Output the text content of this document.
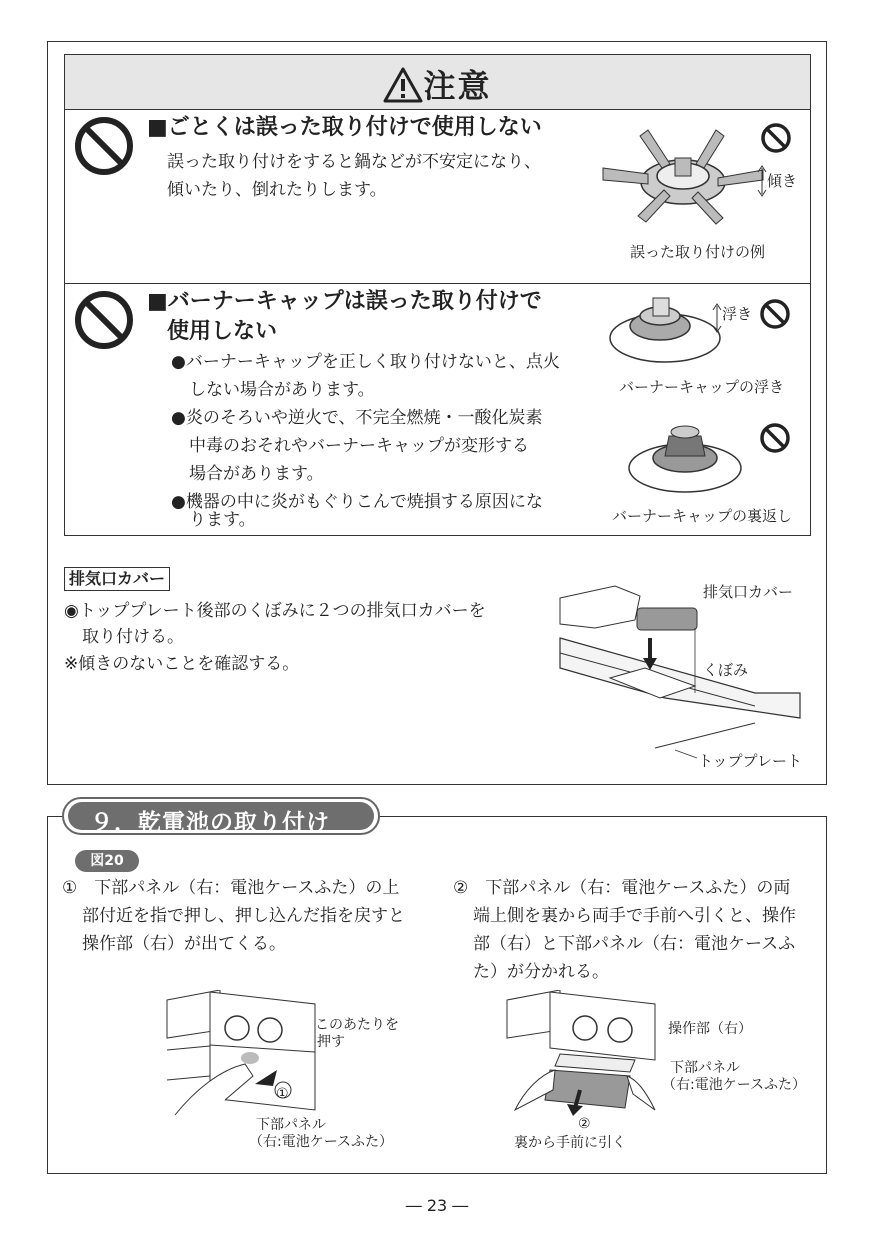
注意
■ごとくは誤った取り付けで使用しない
誤った取り付けをすると鍋などが不安定になり、
傾いたり、倒れたりします。	傾き
誤った取り付けの例
■バーナーキャップは誤った取り付けで
使用しない
●バーナーキャップを正しく取り付けないと、点火
しない場合があります。
●炎のそろいや逆火で、不完全燃焼・一酸化炭素
中毒のおそれやバーナーキャップが変形する
場合があります。
●機器の中に炎がもぐりこんで焼損する原因にな
ります。
浮き
バーナーキャップの浮き
バーナーキャップの裏返し
排気口カバー
◉トッププレート後部のくぼみに２つの排気口カバーを
取り付ける。
※傾きのないことを確認する。
排気口カバー
くぼみ
トッププレート
９．乾電池の取り付け
図20
①　下部パネル（右：電池ケースふた）の上
部付近を指で押し、押し込んだ指を戻すと
操作部（右）が出てくる。
②　下部パネル（右：電池ケースふた）の両
端上側を裏から両手で手前へ引くと、操作
部（右）と下部パネル（右：電池ケースふ
た）が分かれる。
①
このあたりを
押す
下部パネル
（右:電池ケースふた）
②
操作部（右）
下部パネル
（右:電池ケースふた）
裏から手前に引く
― 23 ―
